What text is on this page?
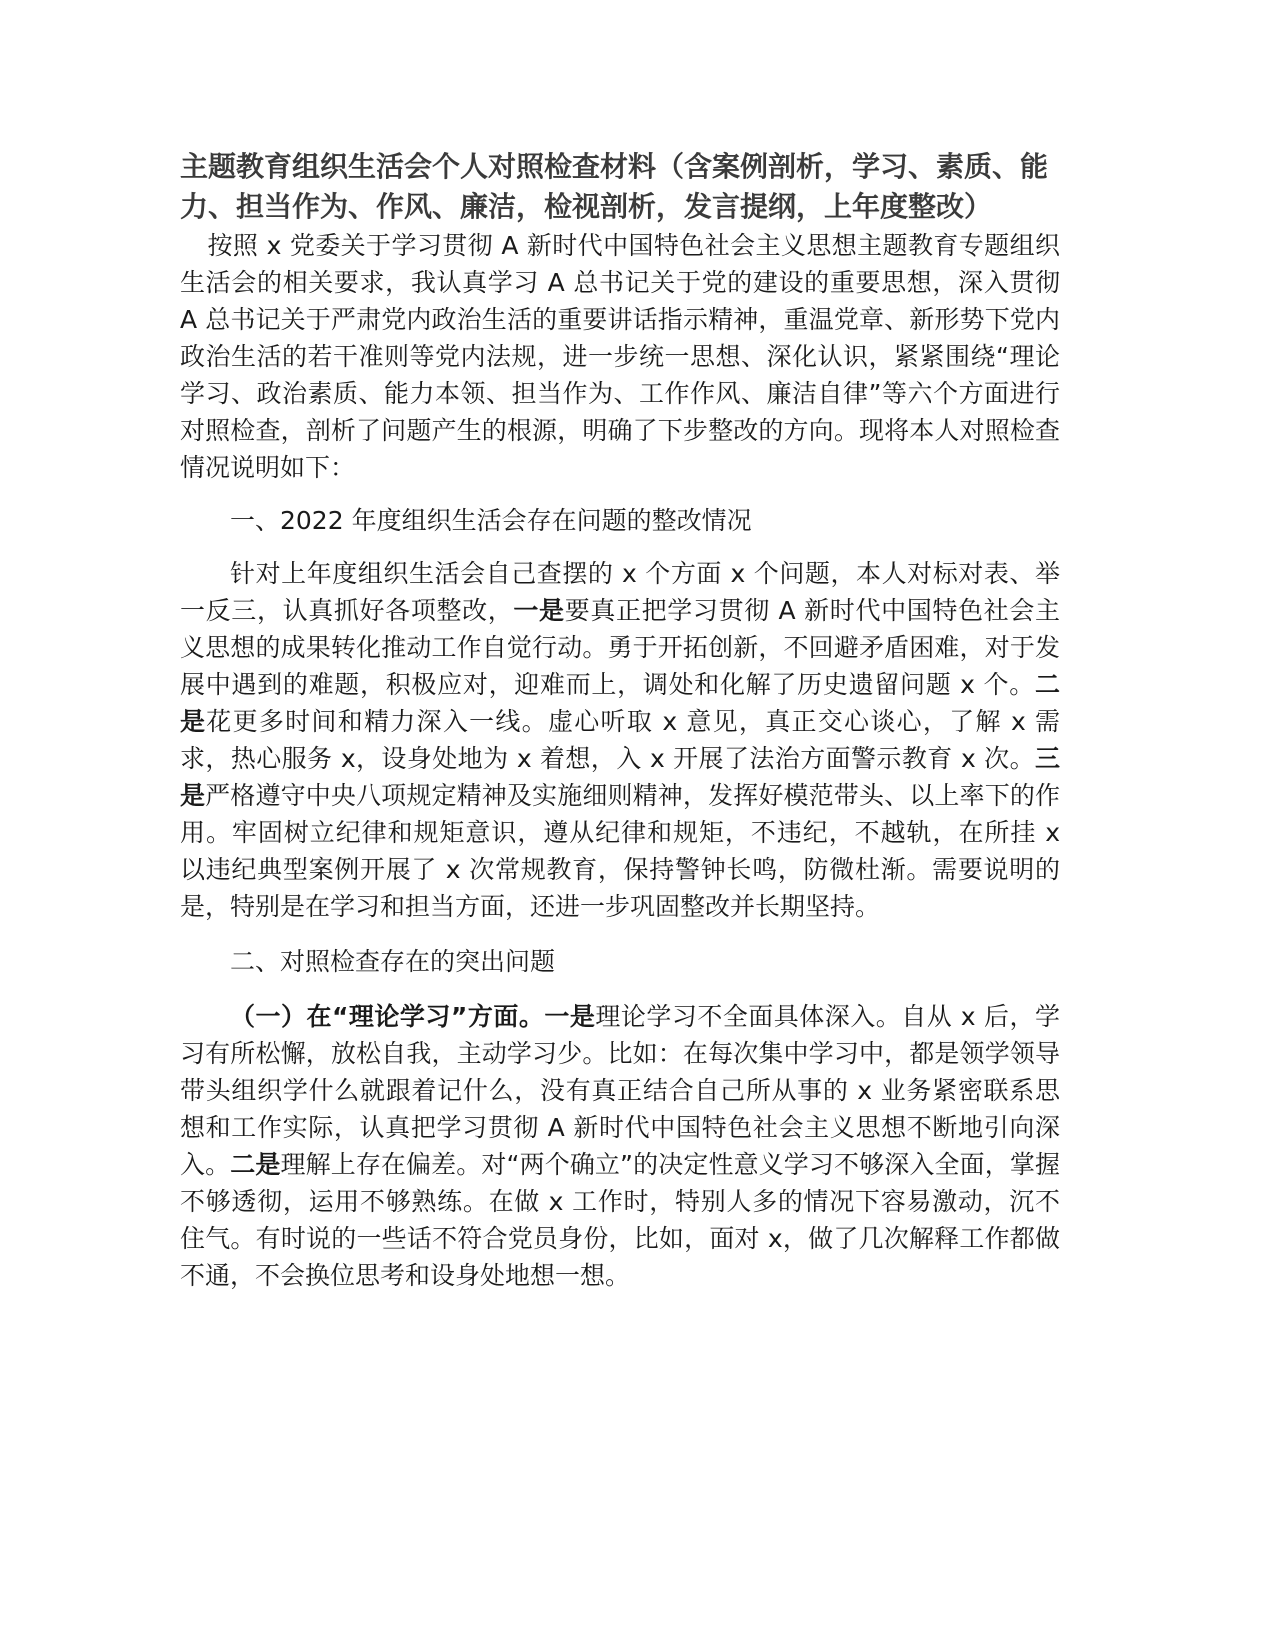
主题教育组织生活会个人对照检查材料（含案例剖析，学习、素质、能力、担当作为、作风、廉洁，检视剖析，发言提纲，上年度整改）

按照 x 党委关于学习贯彻 A 新时代中国特色社会主义思想主题教育专题组织生活会的相关要求，我认真学习 A 总书记关于党的建设的重要思想，深入贯彻 A 总书记关于严肃党内政治生活的重要讲话指示精神，重温党章、新形势下党内政治生活的若干准则等党内法规，进一步统一思想、深化认识，紧紧围绕“理论学习、政治素质、能力本领、担当作为、工作作风、廉洁自律”等六个方面进行对照检查，剖析了问题产生的根源，明确了下步整改的方向。现将本人对照检查情况说明如下：

一、2022 年度组织生活会存在问题的整改情况

针对上年度组织生活会自己查摆的 x 个方面 x 个问题，本人对标对表、举一反三，认真抓好各项整改，一是要真正把学习贯彻 A 新时代中国特色社会主义思想的成果转化推动工作自觉行动。勇于开拓创新，不回避矛盾困难，对于发展中遇到的难题，积极应对，迎难而上，调处和化解了历史遗留问题 x 个。二是花更多时间和精力深入一线。虚心听取 x 意见，真正交心谈心，了解 x 需求，热心服务 x，设身处地为 x 着想，入 x 开展了法治方面警示教育 x 次。三是严格遵守中央八项规定精神及实施细则精神，发挥好模范带头、以上率下的作用。牢固树立纪律和规矩意识，遵从纪律和规矩，不违纪，不越轨，在所挂 x 以违纪典型案例开展了 x 次常规教育，保持警钟长鸣，防微杜渐。需要说明的是，特别是在学习和担当方面，还进一步巩固整改并长期坚持。

二、对照检查存在的突出问题

（一）在“理论学习”方面。一是理论学习不全面具体深入。自从 x 后，学习有所松懈，放松自我，主动学习少。比如：在每次集中学习中，都是领学领导带头组织学什么就跟着记什么，没有真正结合自己所从事的 x 业务紧密联系思想和工作实际，认真把学习贯彻 A 新时代中国特色社会主义思想不断地引向深入。二是理解上存在偏差。对“两个确立”的决定性意义学习不够深入全面，掌握不够透彻，运用不够熟练。在做 x 工作时，特别人多的情况下容易激动，沉不住气。有时说的一些话不符合党员身份，比如，面对 x，做了几次解释工作都做不通，不会换位思考和设身处地想一想。
